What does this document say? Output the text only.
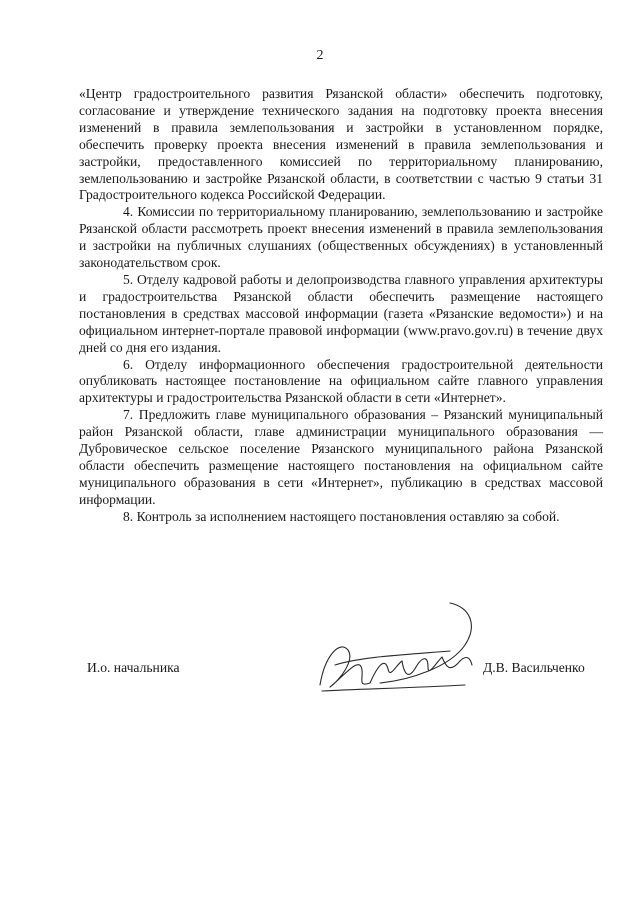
2

«Центр градостроительного развития Рязанской области» обеспечить подготовку, согласование и утверждение технического задания на подготовку проекта внесения изменений в правила землепользования и застройки в установленном порядке, обеспечить проверку проекта внесения изменений в правила землепользования и застройки, предоставленного комиссией по территориальному планированию, землепользованию и застройке Рязанской области, в соответствии с частью 9 статьи 31 Градостроительного кодекса Российской Федерации.

4. Комиссии по территориальному планированию, землепользованию и застройке Рязанской области рассмотреть проект внесения изменений в правила землепользования и застройки на публичных слушаниях (общественных обсуждениях) в установленный законодательством срок.

5. Отделу кадровой работы и делопроизводства главного управления архитектуры и градостроительства Рязанской области обеспечить размещение настоящего постановления в средствах массовой информации (газета «Рязанские ведомости») и на официальном интернет-портале правовой информации (www.pravo.gov.ru) в течение двух дней со дня его издания.

6. Отделу информационного обеспечения градостроительной деятельности опубликовать настоящее постановление на официальном сайте главного управления архитектуры и градостроительства Рязанской области в сети «Интернет».

7. Предложить главе муниципального образования – Рязанский муниципальный район Рязанской области, главе администрации муниципального образования — Дубровическое сельское поселение Рязанского муниципального района Рязанской области обеспечить размещение настоящего постановления на официальном сайте муниципального образования в сети «Интернет», публикацию в средствах массовой информации.

8. Контроль за исполнением настоящего постановления оставляю за собой.

И.о. начальника	Д.В. Васильченко
